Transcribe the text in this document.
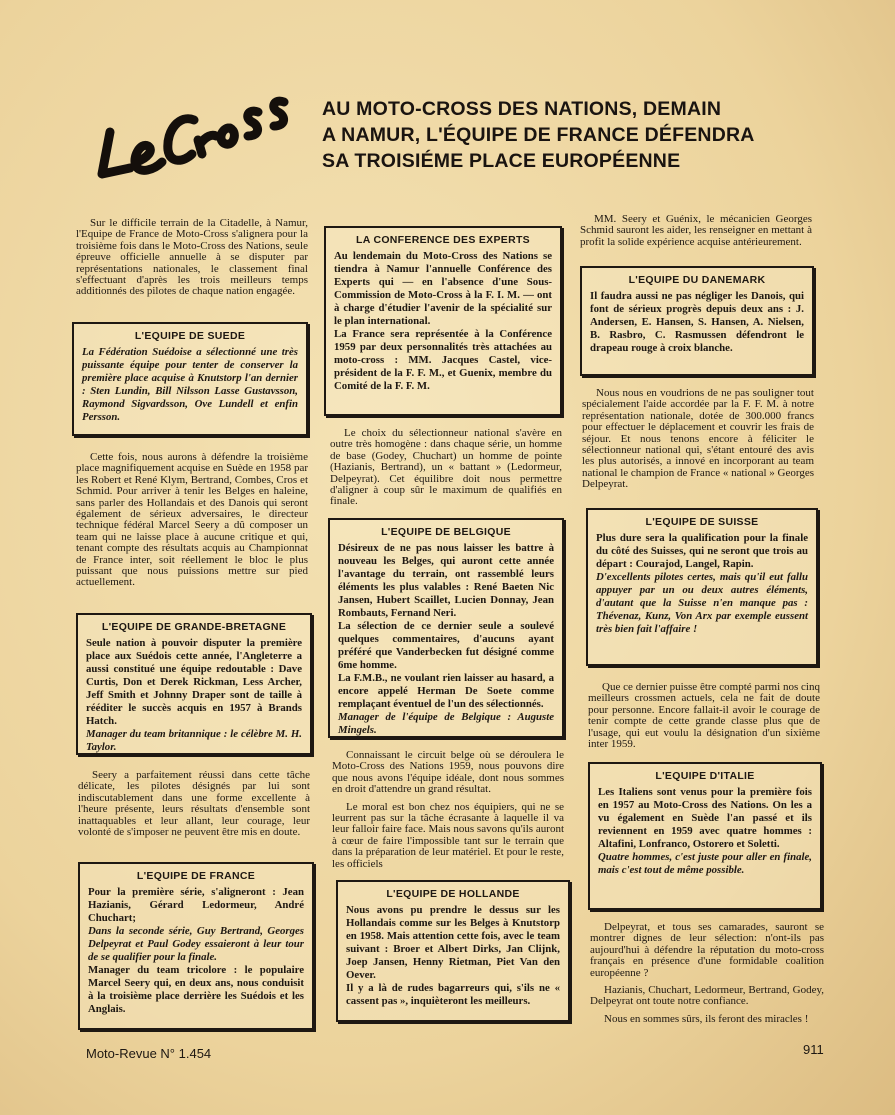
AU MOTO-CROSS DES NATIONS, DEMAIN
A NAMUR, L'ÉQUIPE DE FRANCE DÉFENDRA
SA TROISIÉME PLACE EUROPÉENNE

Sur le difficile terrain de la Citadelle, à Namur, l'Equipe de France de Moto-Cross s'alignera pour la troisième fois dans le Moto-Cross des Nations, seule épreuve officielle annuelle à se disputer par représentations nationales, le classement final s'effectuant d'après les trois meilleurs temps additionnés des pilotes de chaque nation engagée.

L'EQUIPE DE SUEDE

La Fédération Suédoise a sélectionné une très puissante équipe pour tenter de conserver la première place acquise à Knutstorp l'an dernier : Sten Lundin, Bill Nilsson Lasse Gustavsson, Raymond Sigvardsson, Ove Lundell et enfin Persson.

Cette fois, nous aurons à défendre la troisième place magnifiquement acquise en Suède en 1958 par les Robert et René Klym, Bertrand, Combes, Cros et Schmid. Pour arriver à tenir les Belges en haleine, sans parler des Hollandais et des Danois qui seront également de sérieux adversaires, le directeur technique fédéral Marcel Seery a dû composer un team qui ne laisse place à aucune critique et qui, tenant compte des résultats acquis au Championnat de France inter, soit réellement le bloc le plus puissant que nous puissions mettre sur pied actuellement.

L'EQUIPE DE GRANDE-BRETAGNE

Seule nation à pouvoir disputer la première place aux Suédois cette année, l'Angleterre a aussi constitué une équipe redoutable : Dave Curtis, Don et Derek Rickman, Less Archer, Jeff Smith et Johnny Draper sont de taille à rééditer le succès acquis en 1957 à Brands Hatch.

Manager du team britannique : le célèbre M. H. Taylor.

Seery a parfaitement réussi dans cette tâche délicate, les pilotes désignés par lui sont indiscutablement dans une forme excellente à l'heure présente, leurs résultats d'ensemble sont inattaquables et leur allant, leur courage, leur volonté de s'imposer ne peuvent être mis en doute.

L'EQUIPE DE FRANCE

Pour la première série, s'aligneront : Jean Hazianis, Gérard Ledormeur, André Chuchart;

Dans la seconde série, Guy Bertrand, Georges Delpeyrat et Paul Godey essaieront à leur tour de se qualifier pour la finale.

Manager du team tricolore : le populaire Marcel Seery qui, en deux ans, nous conduisit à la troisième place derrière les Suédois et les Anglais.

LA CONFERENCE DES EXPERTS

Au lendemain du Moto-Cross des Nations se tiendra à Namur l'annuelle Conférence des Experts qui — en l'absence d'une Sous-Commission de Moto-Cross à la F. I. M. — ont à charge d'étudier l'avenir de la spécialité sur le plan international.

La France sera représentée à la Conférence 1959 par deux personnalités très attachées au moto-cross : MM. Jacques Castel, vice-président de la F. F. M., et Guenix, membre du Comité de la F. F. M.

Le choix du sélectionneur national s'avère en outre très homogène : dans chaque série, un homme de base (Godey, Chuchart) un homme de pointe (Hazianis, Bertrand), un « battant » (Ledormeur, Delpeyrat). Cet équilibre doit nous permettre d'aligner à coup sûr le maximum de qualifiés en finale.

L'EQUIPE DE BELGIQUE

Désireux de ne pas nous laisser les battre à nouveau les Belges, qui auront cette année l'avantage du terrain, ont rassemblé leurs éléments les plus valables : René Baeten Nic Jansen, Hubert Scaillet, Lucien Donnay, Jean Rombauts, Fernand Neri.

La sélection de ce dernier seule a soulevé quelques commentaires, d'aucuns ayant préféré que Vanderbecken fut désigné comme 6me homme.

La F.M.B., ne voulant rien laisser au hasard, a encore appelé Herman De Soete comme remplaçant éventuel de l'un des sélectionnés.

Manager de l'équipe de Belgique : Auguste Mingels.

Connaissant le circuit belge où se déroulera le Moto-Cross des Nations 1959, nous pouvons dire que nous avons l'équipe idéale, dont nous sommes en droit d'attendre un grand résultat.

Le moral est bon chez nos équipiers, qui ne se leurrent pas sur la tâche écrasante à laquelle il va leur falloir faire face. Mais nous savons qu'ils auront à cœur de faire l'impossible tant sur le terrain que dans la préparation de leur matériel. Et pour le reste, les officiels

L'EQUIPE DE HOLLANDE

Nous avons pu prendre le dessus sur les Hollandais comme sur les Belges à Knutstorp en 1958. Mais attention cette fois, avec le team suivant : Broer et Albert Dirks, Jan Clijnk, Joep Jansen, Henny Rietman, Piet Van den Oever.

Il y a là de rudes bagarreurs qui, s'ils ne « cassent pas », inquièteront les meilleurs.

MM. Seery et Guénix, le mécanicien Georges Schmid sauront les aider, les renseigner en mettant à profit la solide expérience acquise antérieurement.

L'EQUIPE DU DANEMARK

Il faudra aussi ne pas négliger les Danois, qui font de sérieux progrès depuis deux ans : J. Andersen, E. Hansen, S. Hansen, A. Nielsen, B. Rasbro, C. Rasmussen défendront le drapeau rouge à croix blanche.

Nous nous en voudrions de ne pas souligner tout spécialement l'aide accordée par la F. F. M. à notre représentation nationale, dotée de 300.000 francs pour effectuer le déplacement et couvrir les frais de séjour. Et nous tenons encore à féliciter le sélectionneur national qui, s'étant entouré des avis les plus autorisés, a innové en incorporant au team national le champion de France « national » Georges Delpeyrat.

L'EQUIPE DE SUISSE

Plus dure sera la qualification pour la finale du côté des Suisses, qui ne seront que trois au départ : Courajod, Langel, Rapin.

D'excellents pilotes certes, mais qu'il eut fallu appuyer par un ou deux autres éléments, d'autant que la Suisse n'en manque pas : Thévenaz, Kunz, Von Arx par exemple eussent très bien fait l'affaire !

Que ce dernier puisse être compté parmi nos cinq meilleurs crossmen actuels, cela ne fait de doute pour personne. Encore fallait-il avoir le courage de tenir compte de cette grande classe plus que de l'usage, qui eut voulu la désignation d'un sixième inter 1959.

L'EQUIPE D'ITALIE

Les Italiens sont venus pour la première fois en 1957 au Moto-Cross des Nations. On les a vu également en Suède l'an passé et ils reviennent en 1959 avec quatre hommes : Altafini, Lonfranco, Ostorero et Soletti.

Quatre hommes, c'est juste pour aller en finale, mais c'est tout de même possible.

Delpeyrat, et tous ses camarades, sauront se montrer dignes de leur sélection: n'ont-ils pas aujourd'hui à défendre la réputation du moto-cross français en présence d'une formidable coalition européenne ?

Hazianis, Chuchart, Ledormeur, Bertrand, Godey, Delpeyrat ont toute notre confiance.

Nous en sommes sûrs, ils feront des miracles !

Moto-Revue N° 1.454	911
